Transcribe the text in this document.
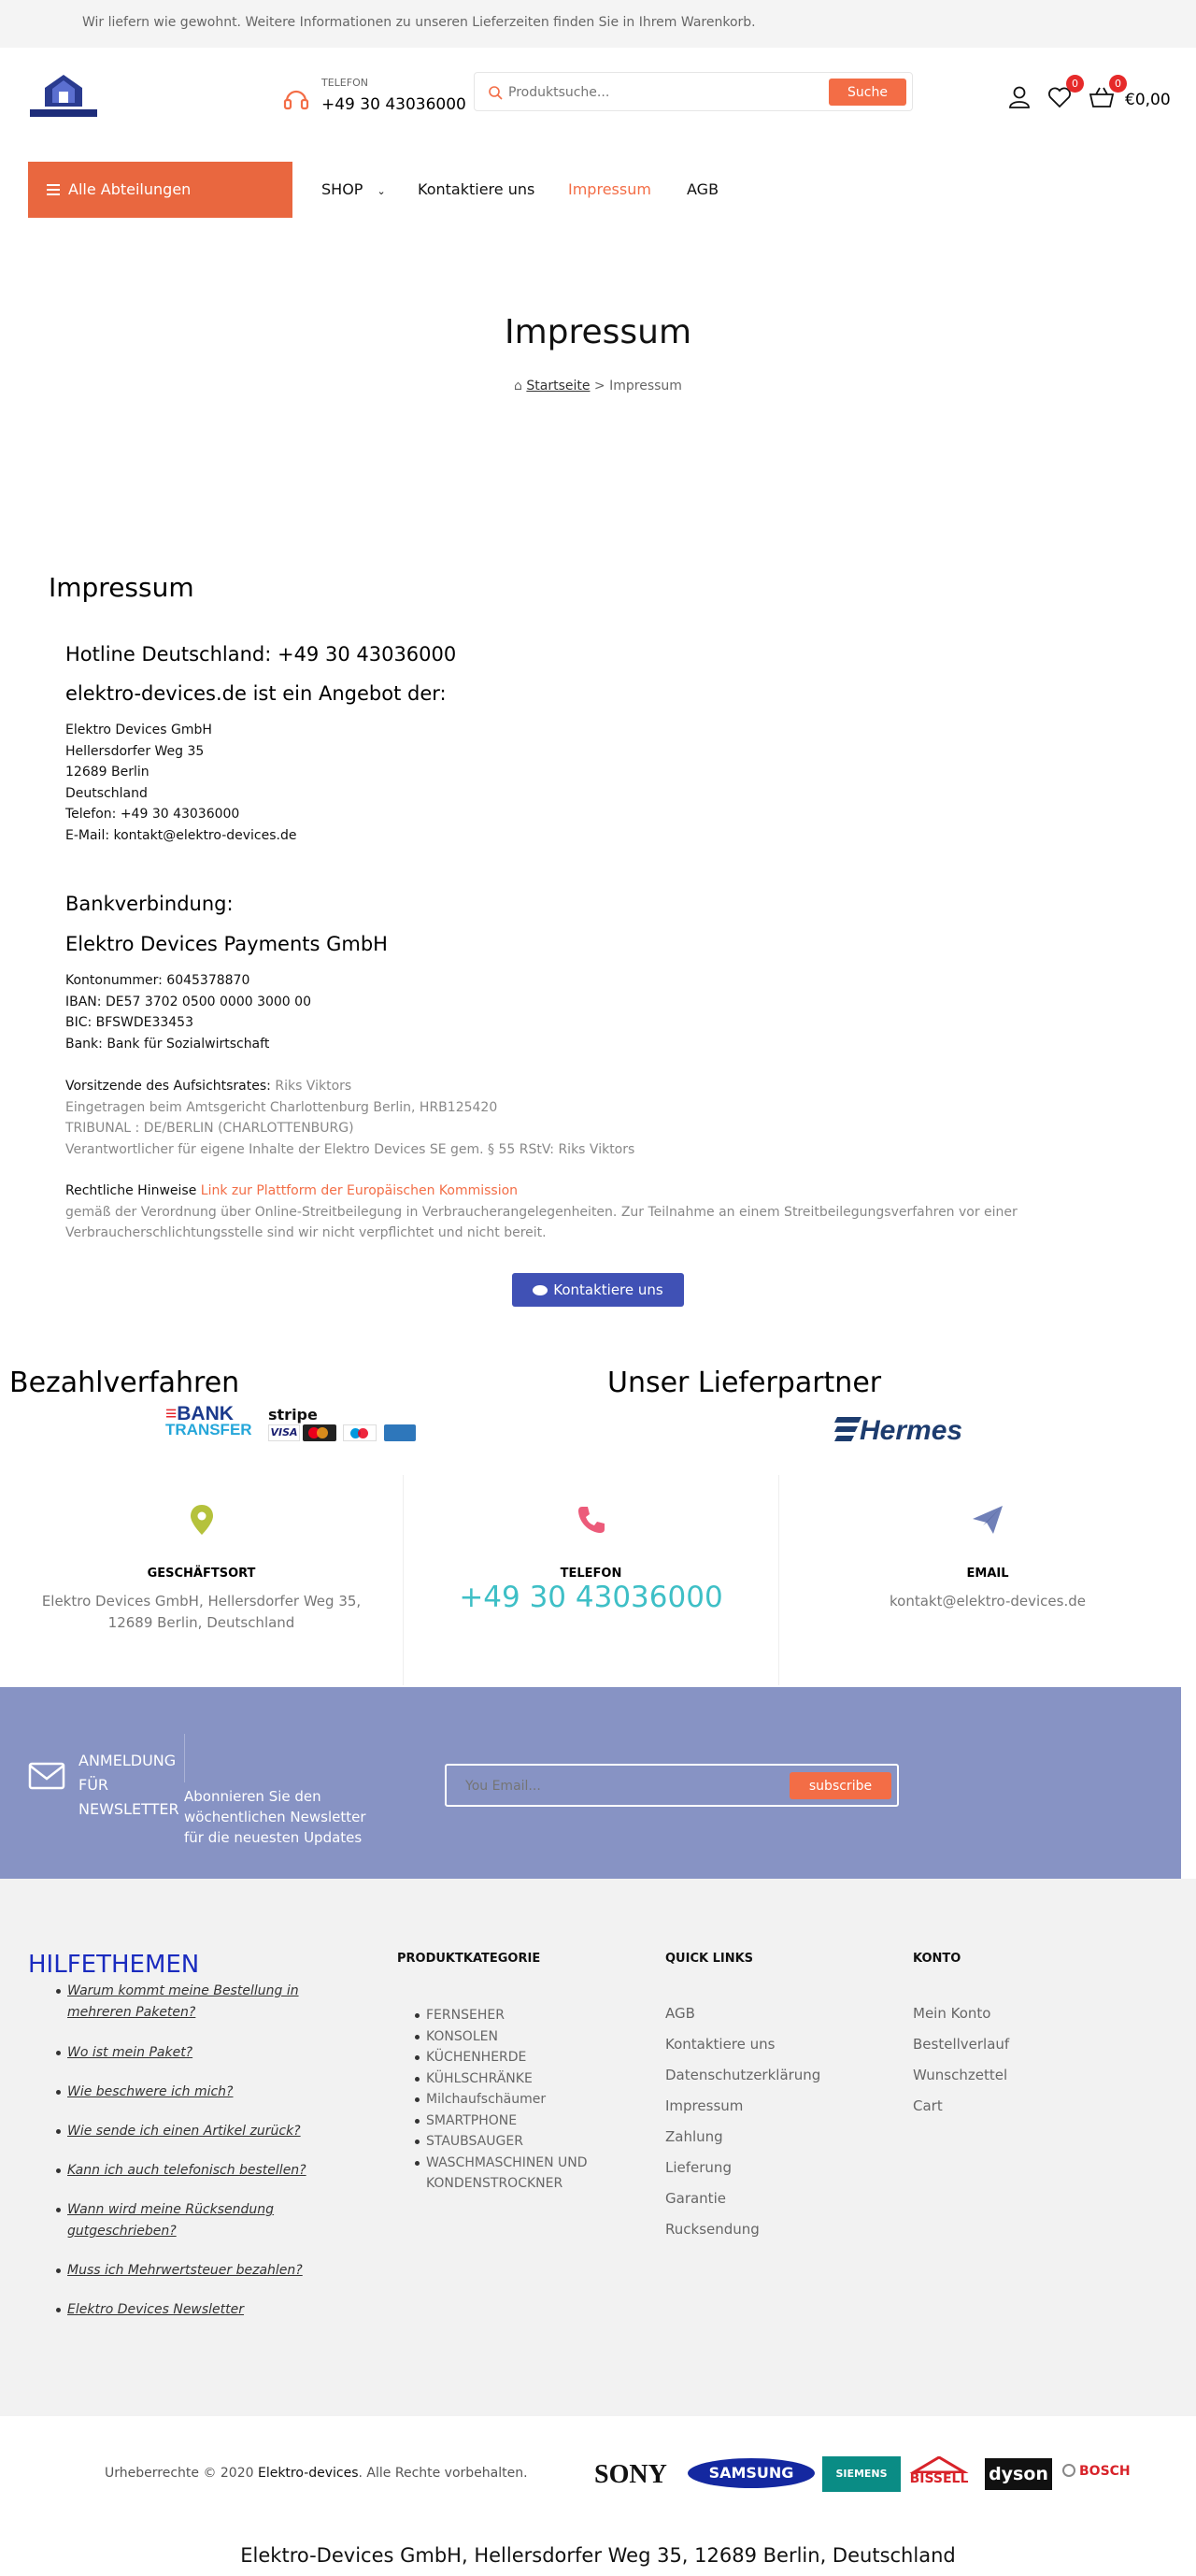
Wir liefern wie gewohnt. Weitere Informationen zu unseren Lieferzeiten finden Sie in Ihrem Warenkorb.
TELEFON
+49 30 43036000
Produktsuche...
Suche
0	0
€0,00
Alle Abteilungen	SHOP ⌄ Kontaktiere uns Impressum AGB
Impressum
⌂ Startseite > Impressum
Impressum
Hotline Deutschland: +49 30 43036000
elektro-devices.de ist ein Angebot der:
Elektro Devices GmbH
Hellersdorfer Weg 35
12689 Berlin
Deutschland
Telefon: +49 30 43036000
E-Mail: kontakt@elektro-devices.de
Bankverbindung:
Elektro Devices Payments GmbH
Kontonummer: 6045378870
IBAN: DE57 3702 0500 0000 3000 00
BIC: BFSWDE33453
Bank: Bank für Sozialwirtschaft
Vorsitzende des Aufsichtsrates: Riks Viktors
Eingetragen beim Amtsgericht Charlottenburg Berlin, HRB125420
TRIBUNAL : DE/BERLIN (CHARLOTTENBURG)
Verantwortlicher für eigene Inhalte der Elektro Devices SE gem. § 55 RStV: Riks Viktors
Rechtliche Hinweise Link zur Plattform der Europäischen Kommission
gemäß der Verordnung über Online-Streitbeilegung in Verbraucherangelegenheiten. Zur Teilnahme an einem Streitbeilegungsverfahren vor einer
Verbraucherschlichtungsstelle sind wir nicht verpflichtet und nicht bereit.
Kontaktiere uns
Bezahlverfahren	Unser Lieferpartner
≡BANK
TRANSFER
stripe
VISA	Hermes
GESCHÄFTSORT
Elektro Devices GmbH, Hellersdorfer Weg 35, 12689 Berlin, Deutschland
TELEFON
+49 30 43036000
EMAIL
kontakt@elektro-devices.de
ANMELDUNG FÜR NEWSLETTER
Abonnieren Sie den wöchentlichen Newsletter für die neuesten Updates
You Email...
subscribe
HILFETHEMEN
Warum kommt meine Bestellung in mehreren Paketen?
Wo ist mein Paket?
Wie beschwere ich mich?
Wie sende ich einen Artikel zurück?
Kann ich auch telefonisch bestellen?
Wann wird meine Rücksendung gutgeschrieben?
Muss ich Mehrwertsteuer bezahlen?
Elektro Devices Newsletter
PRODUKTKATEGORIE
FERNSEHER
KONSOLEN
KÜCHENHERDE
KÜHLSCHRÄNKE
Milchaufschäumer
SMARTPHONE
STAUBSAUGER
WASCHMASCHINEN UND KONDENSTROCKNER
QUICK LINKS
AGB
Kontaktiere uns
Datenschutzerklärung
Impressum
Zahlung
Lieferung
Garantie
Rucksendung
KONTO
Mein Konto
Bestellverlauf
Wunschzettel
Cart
Urheberrechte © 2020 Elektro-devices. Alle Rechte vorbehalten.	SONY	SAMSUNG	SIEMENS	BISSELL dyson	BOSCH
Elektro-Devices GmbH, Hellersdorfer Weg 35, 12689 Berlin, Deutschland
